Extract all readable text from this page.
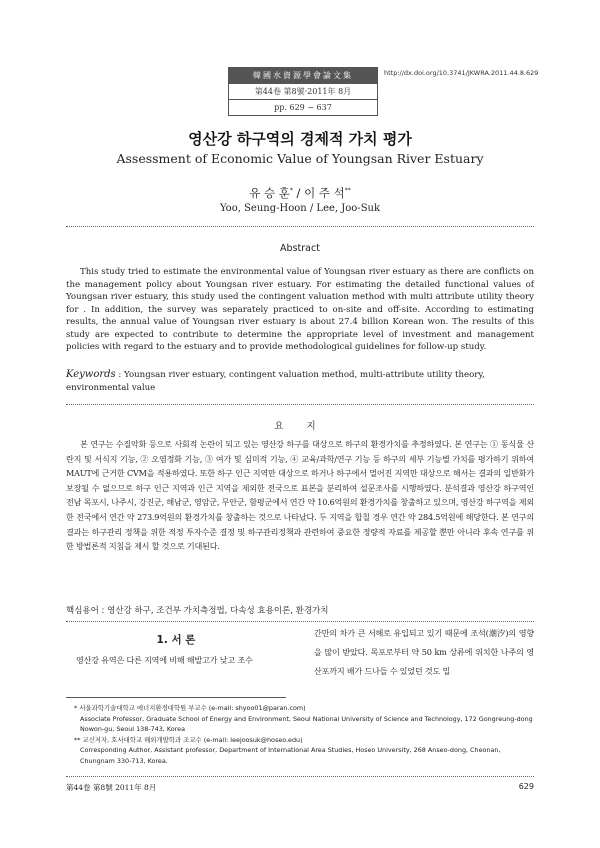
韓國水資源學會論文集
第44卷 第8號·2011年 8月
pp. 629 ~ 637
http://dx.doi.org/10.3741/JKWRA.2011.44.8.629
영산강 하구역의 경제적 가치 평가
Assessment of Economic Value of Youngsan River Estuary
유 승 훈* / 이 주 석**
Yoo, Seung-Hoon / Lee, Joo-Suk
Abstract
This study tried to estimate the environmental value of Youngsan river estuary as there are conflicts on the management policy about Youngsan river estuary. For estimating the detailed functional values of Youngsan river estuary, this study used the contingent valuation method with multi attribute utility theory for . In addition, the survey was separately practiced to on-site and off-site. According to estimating results, the annual value of Youngsan river estuary is about 27.4 billion Korean won. The results of this study are expected to contribute to determine the appropriate level of investment and management policies with regard to the estuary and to provide methodological guidelines for follow-up study.
Keywords : Youngsan river estuary, contingent valuation method, multi-attribute utility theory, environmental value
요 지
본 연구는 수질악화 등으로 사회적 논란이 되고 있는 영산강 하구를 대상으로 하구의 환경가치를 추정하였다. 본 연구는 ① 동식물 산란지 및 서식지 기능, ② 오염정화 기능, ③ 여가 및 심미적 기능, ④ 교육/과학/연구 기능 등 하구의 세부 기능별 가치를 평가하기 위하여 MAUT에 근거한 CVM을 적용하였다. 또한 하구 인근 지역만 대상으로 하거나 하구에서 멀어진 지역만 대상으로 해서는 결과의 일반화가 보장될 수 없으므로 하구 인근 지역과 인근 지역을 제외한 전국으로 표본을 분리하여 설문조사를 시행하였다. 분석결과 영산강 하구역인 전남 목포시, 나주시, 강진군, 해남군, 영암군, 무안군, 함평군에서 연간 약 10.6억원의 환경가치를 창출하고 있으며, 영산강 하구역을 제외한 전국에서 연간 약 273.9억원의 환경가치를 창출하는 것으로 나타났다. 두 지역을 합칠 경우 연간 약 284.5억원에 해당한다. 본 연구의 결과는 하구관리 정책을 위한 적정 투자수준 결정 및 하구관리정책과 관련하여 중요한 정량적 자료를 제공할 뿐만 아니라 후속 연구를 위한 방법론적 지침을 제시 할 것으로 기대된다.
핵심용어 : 영산강 하구, 조건부 가치측정법, 다속성 효용이론, 환경가치
1. 서 론
영산강 유역은 다른 지역에 비해 해발고가 낮고 조수
간만의 차가 큰 서해로 유입되고 있기 때문에 조석(潮汐)의 영향을 많이 받았다. 목포로부터 약 50 km 상류에 위치한 나주의 영산포까지 배가 드나들 수 있었던 것도 밀
* 서울과학기술대학교 에너지환경대학원 부교수 (e-mail: shyoo01@paran.com)
Associate Professor, Graduate School of Energy and Environment, Seoul National University of Science and Technology, 172 Gongreung-dong Nowon-gu, Seoul 138-743, Korea
** 교신저자, 호서대학교 해외개발학과 조교수 (e-mail: leejoosuk@hoseo.edu)
Corresponding Author, Assistant professor, Department of International Area Studies, Hoseo University, 268 Anseo-dong, Cheonan, Chungnam 330-713, Korea.
第44卷 第8號 2011年 8月	629
